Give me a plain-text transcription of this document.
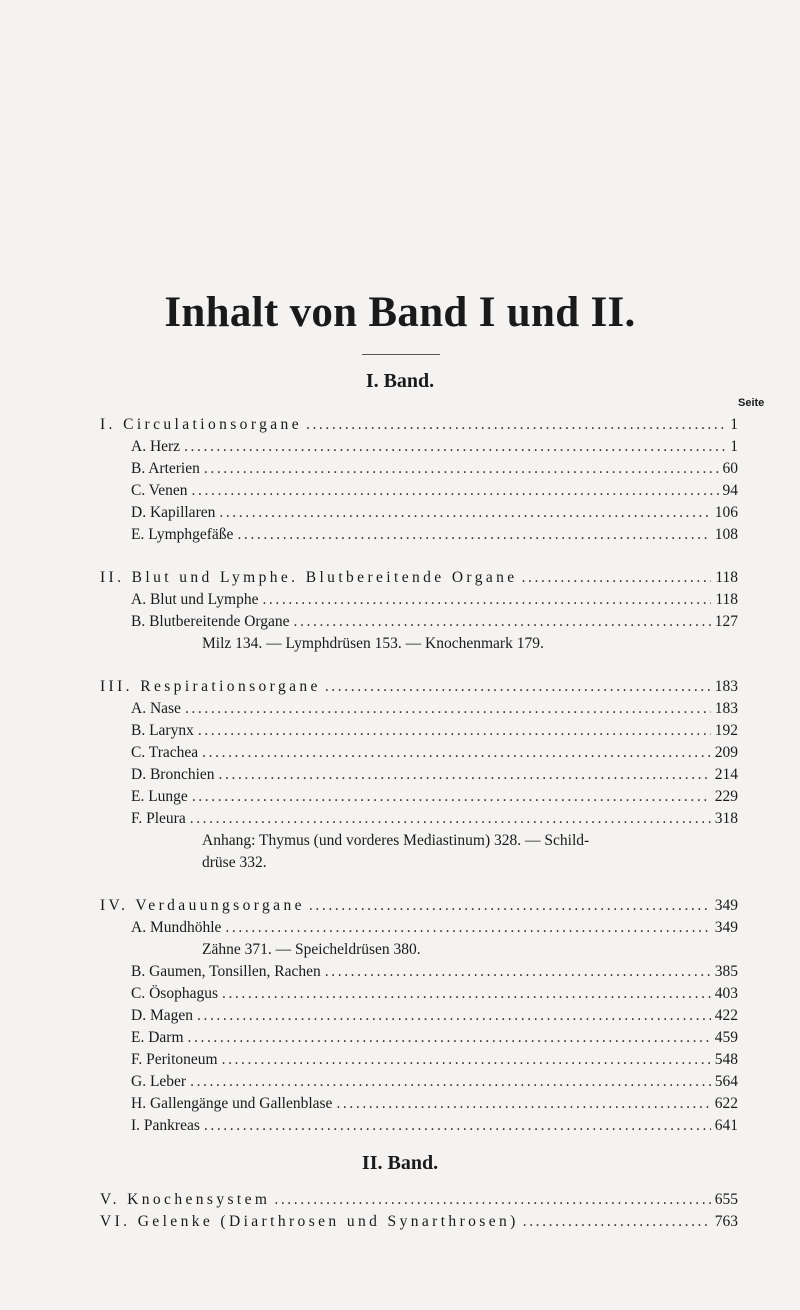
Inhalt von Band I und II.
I. Band.
Seite
I. Circulationsorgane .....	1
A. Herz .....	1
B. Arterien .....	60
C. Venen .....	94
D. Kapillaren .....	106
E. Lymphgefäße .....	108
II. Blut und Lymphe. Blutbereitende Organe .....	118
A. Blut und Lymphe .....	118
B. Blutbereitende Organe .....	127
Milz 134. — Lymphdrüsen 153. — Knochenmark 179.
III. Respirationsorgane .....	183
A. Nase .....	183
B. Larynx .....	192
C. Trachea .....	209
D. Bronchien .....	214
E. Lunge .....	229
F. Pleura .....	318
Anhang: Thymus (und vorderes Mediastinum) 328. — Schild-
drüse 332.
IV. Verdauungsorgane .....	349
A. Mundhöhle .....	349
Zähne 371. — Speicheldrüsen 380.
B. Gaumen, Tonsillen, Rachen .....	385
C. Ösophagus .....	403
D. Magen .....	422
E. Darm .....	459
F. Peritoneum .....	548
G. Leber .....	564
H. Gallengänge und Gallenblase .....	622
I. Pankreas .....	641
II. Band.
V. Knochensystem .....	655
VI. Gelenke (Diarthrosen und Synarthrosen) .....	763
